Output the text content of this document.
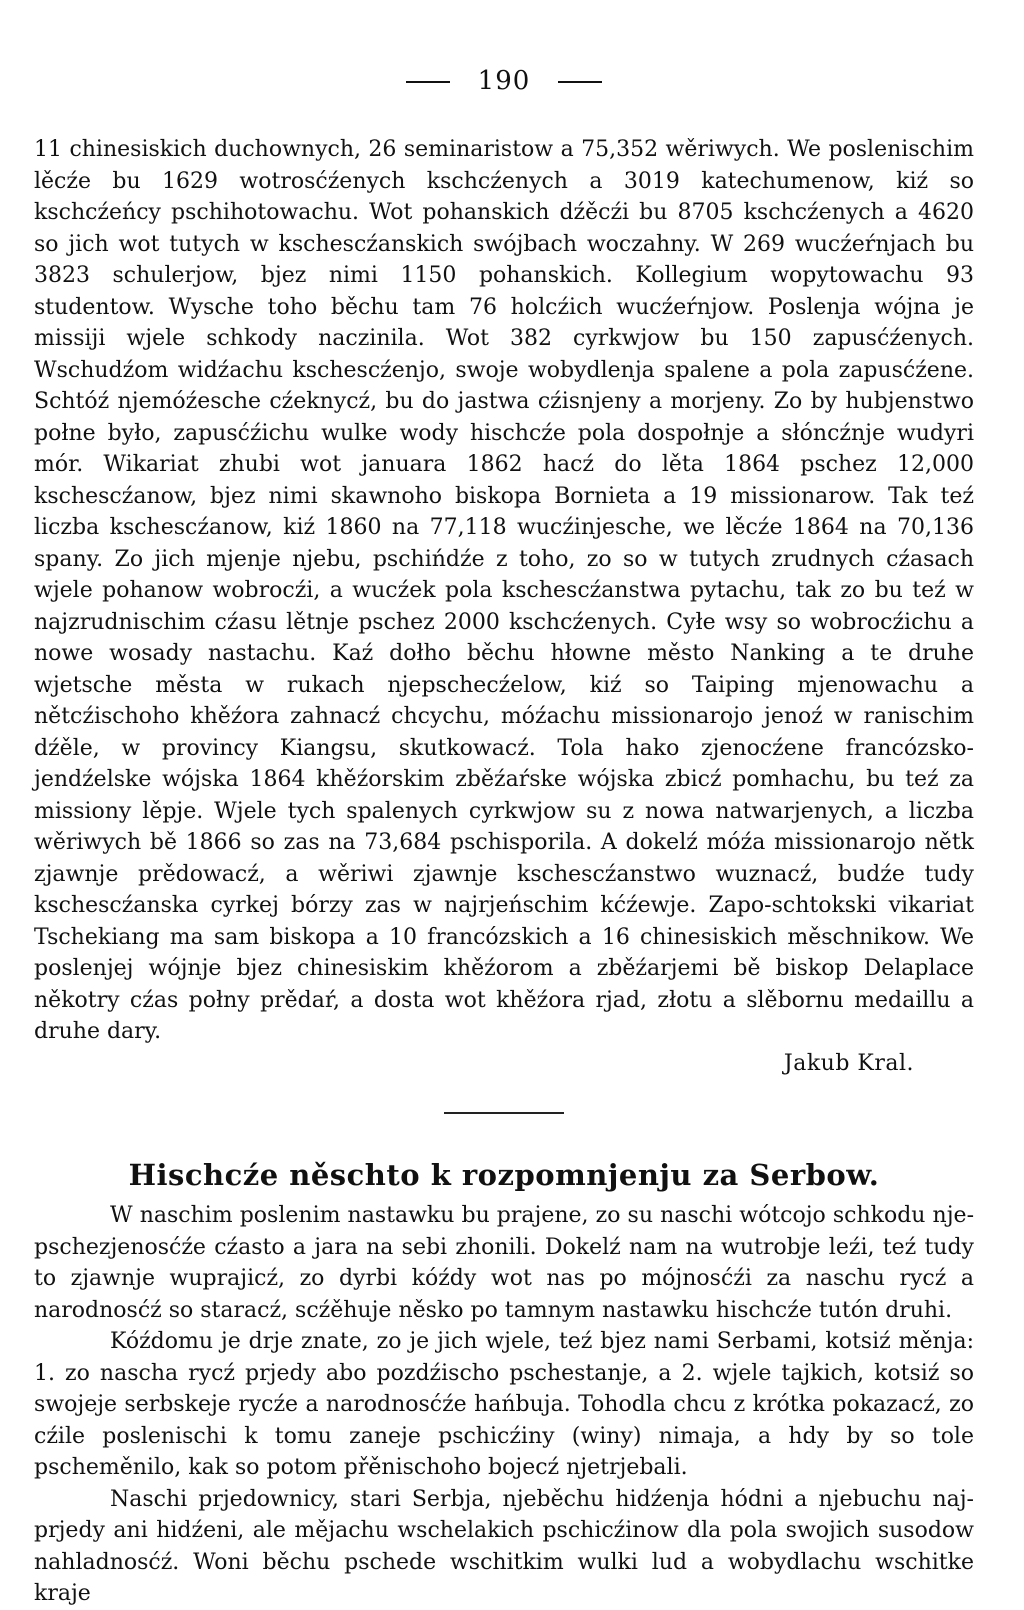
190

11 chinesiskich duchownych, 26 seminaristow a 75,352 wěriwych. We poslenischim lěcźe bu 1629 wotrosćźenych kschcźenych a 3019 katechumenow, kiź so kschcźeńcy pschihotowachu. Wot pohanskich dźěcźi bu 8705 kschcźenych a 4620 so jich wot tutych w kschescźanskich swójbach woczahny. W 269 wucźeŕnjach bu 3823 schulerjow, bjez nimi 1150 pohanskich. Kollegium wopytowachu 93 studentow. Wysche toho běchu tam 76 holcźich wucźeŕnjow. Poslenja wójna je missiji wjele schkody naczinila. Wot 382 cyrkwjow bu 150 zapusćźenych. Wschudźom widźachu kschescźenjo, swoje wobydlenja spalene a pola zapusćźene. Schtóź njemóźesche cźeknycź, bu do jastwa cźisnjeny a morjeny. Zo by hubjenstwo połne było, zapusćźichu wulke wody hischcźe pola dospołnje a słóncźnje wudyri mór. Wikariat zhubi wot januara 1862 hacź do lěta 1864 pschez 12,000 kschescźanow, bjez nimi skawnoho biskopa Bornieta a 19 missionarow. Tak teź liczba kschescźanow, kiź 1860 na 77,118 wucźinjesche, we lěcźe 1864 na 70,136 spany. Zo jich mjenje njebu, pschińdźe z toho, zo so w tutych zrudnych cźasach wjele pohanow wobrocźi, a wucźek pola kschescźanstwa pytachu, tak zo bu teź w najzrudnischim cźasu lětnje pschez 2000 kschcźenych. Cyłe wsy so wobrocźichu a nowe wosady nastachu. Kaź dołho běchu hłowne město Nanking a te druhe wjetsche města w rukach njepschecźelow, kiź so Taiping mjenowachu a nětcźischoho khěźora zahnacź chcychu, móźachu missionarojo jenoź w ranischim dźěle, w provincy Kiangsu, skutkowacź. Tola hako zjenocźene francózsko-jendźelske wójska 1864 khěźorskim zběźaŕske wójska zbicź pomhachu, bu teź za missiony lěpje. Wjele tych spalenych cyrkwjow su z nowa natwarjenych, a liczba wěriwych bě 1866 so zas na 73,684 pschisporila. A dokelź móźa missionarojo nětk zjawnje prědowacź, a wěriwi zjawnje kschescźanstwo wuznacź, budźe tudy kschescźanska cyrkej bórzy zas w najrjeńschim kćźewje. Zapo-schtokski vikariat Tschekiang ma sam biskopa a 10 francózskich a 16 chinesiskich měschnikow. We poslenjej wójnje bjez chinesiskim khěźorom a zběźarjemi bě biskop Delaplace někotry cźas połny prědaŕ, a dosta wot khěźora rjad, złotu a slěbornu medaillu a druhe dary.

Jakub Kral.
Hischcźe něschto k rozpomnjenju za Serbow.

W naschim poslenim nastawku bu prajene, zo su naschi wótcojo schkodu nje-pschezjenosćźe cźasto a jara na sebi zhonili. Dokelź nam na wutrobje leźi, teź tudy to zjawnje wuprajicź, zo dyrbi kóźdy wot nas po mójnosćźi za naschu rycź a narodnosćź so staracź, scźěhuje něsko po tamnym nastawku hischcźe tutón druhi.

Kóźdomu je drje znate, zo je jich wjele, teź bjez nami Serbami, kotsiź měnja: 1. zo nascha rycź prjedy abo pozdźischo pschestanje, a 2. wjele tajkich, kotsiź so swojeje serbskeje rycźe a narodnosćźe hańbuja. Tohodla chcu z krótka pokazacź, zo cźile poslenischi k tomu zaneje pschicźiny (winy) nimaja, a hdy by so tole pscheměnilo, kak so potom přěnischoho bojecź njetrjebali.

Naschi prjedownicy, stari Serbja, njeběchu hidźenja hódni a njebuchu naj-prjedy ani hidźeni, ale mějachu wschelakich pschicźinow dla pola swojich susodow nahladnosćź. Woni běchu pschede wschitkim wulki lud a wobydlachu wschitke kraje
